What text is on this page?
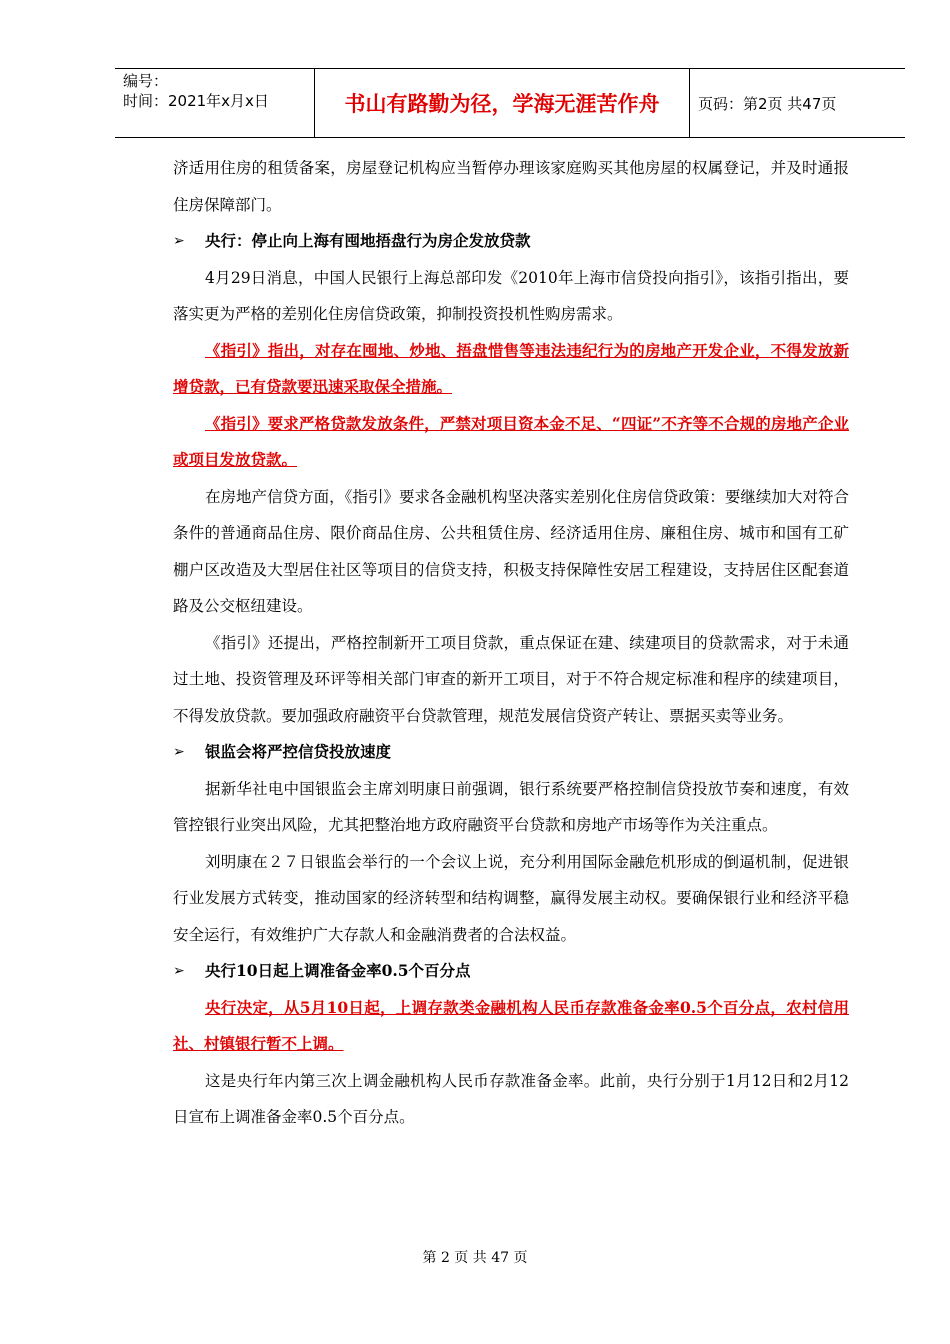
编号：
时间：2021年x月x日	书山有路勤为径，学海无涯苦作舟	页码：第2页 共47页

济适用住房的租赁备案，房屋登记机构应当暂停办理该家庭购买其他房屋的权属登记，并及时通报住房保障部门。

➢	央行：停止向上海有囤地捂盘行为房企发放贷款

4月29日消息，中国人民银行上海总部印发《2010年上海市信贷投向指引》，该指引指出，要落实更为严格的差别化住房信贷政策，抑制投资投机性购房需求。

《指引》指出，对存在囤地、炒地、捂盘惜售等违法违纪行为的房地产开发企业，不得发放新增贷款，已有贷款要迅速采取保全措施。

《指引》要求严格贷款发放条件，严禁对项目资本金不足、“四证”不齐等不合规的房地产企业或项目发放贷款。

在房地产信贷方面，《指引》要求各金融机构坚决落实差别化住房信贷政策：要继续加大对符合条件的普通商品住房、限价商品住房、公共租赁住房、经济适用住房、廉租住房、城市和国有工矿棚户区改造及大型居住社区等项目的信贷支持，积极支持保障性安居工程建设，支持居住区配套道路及公交枢纽建设。

《指引》还提出，严格控制新开工项目贷款，重点保证在建、续建项目的贷款需求，对于未通过土地、投资管理及环评等相关部门审查的新开工项目，对于不符合规定标准和程序的续建项目，不得发放贷款。要加强政府融资平台贷款管理，规范发展信贷资产转让、票据买卖等业务。

➢	银监会将严控信贷投放速度

据新华社电中国银监会主席刘明康日前强调，银行系统要严格控制信贷投放节奏和速度，有效管控银行业突出风险，尤其把整治地方政府融资平台贷款和房地产市场等作为关注重点。

刘明康在２７日银监会举行的一个会议上说，充分利用国际金融危机形成的倒逼机制，促进银行业发展方式转变，推动国家的经济转型和结构调整，赢得发展主动权。要确保银行业和经济平稳安全运行，有效维护广大存款人和金融消费者的合法权益。

➢	央行10日起上调准备金率0.5个百分点

央行决定，从5月10日起，上调存款类金融机构人民币存款准备金率0.5个百分点，农村信用社、村镇银行暂不上调。

这是央行年内第三次上调金融机构人民币存款准备金率。此前，央行分别于1月12日和2月12日宣布上调准备金率0.5个百分点。

第 2 页 共 47 页
